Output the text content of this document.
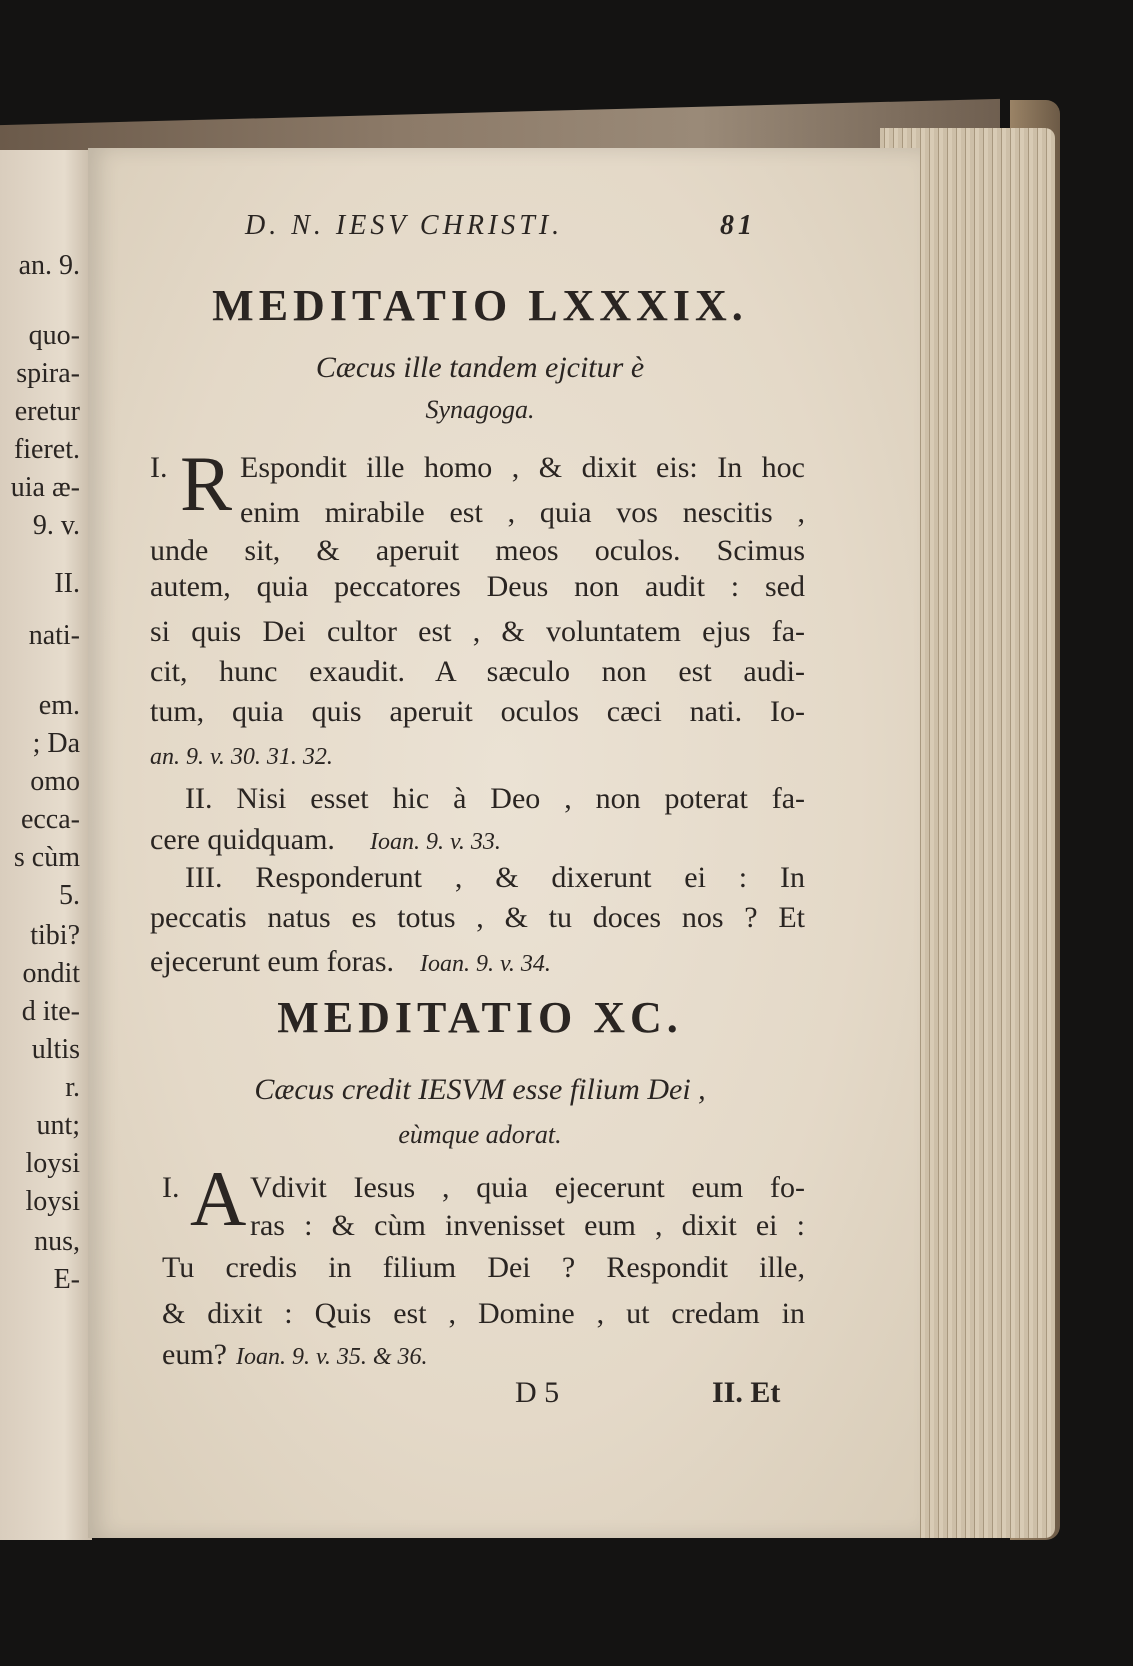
an. 9.
quo-
spira-
eretur
fieret.
uia æ-
9. v.
II.
nati-
em.
; Da
omo
ecca-
s cùm
5.
tibi?
ondit
d ite-
ultis
r.
unt;
loysi
loysi
nus,
E-
D. N. IESV CHRISTI.	81
MEDITATIO LXXXIX.
Cæcus ille tandem ejcitur è
Synagoga.
I. R Espondit ille homo , & dixit eis: In hoc
enim mirabile est , quia vos nescitis ,
unde sit, & aperuit meos oculos. Scimus
autem, quia peccatores Deus non audit : sed
si quis Dei cultor est , & voluntatem ejus fa-
cit, hunc exaudit. A sæculo non est audi-
tum, quia quis aperuit oculos cæci nati. Io-
an. 9. v. 30. 31. 32.
II. Nisi esset hic à Deo , non poterat fa-
cere quidquam. Ioan. 9. v. 33.
III. Responderunt , & dixerunt ei : In
peccatis natus es totus , & tu doces nos ? Et
ejecerunt eum foras. Ioan. 9. v. 34.
MEDITATIO XC.
Cæcus credit IESVM esse filium Dei ,
eùmque adorat.
I. A Vdivit Iesus , quia ejecerunt eum fo-
ras : & cùm invenisset eum , dixit ei :
Tu credis in filium Dei ? Respondit ille,
& dixit : Quis est , Domine , ut credam in
eum? Ioan. 9. v. 35. & 36.
D 5	II. Et
